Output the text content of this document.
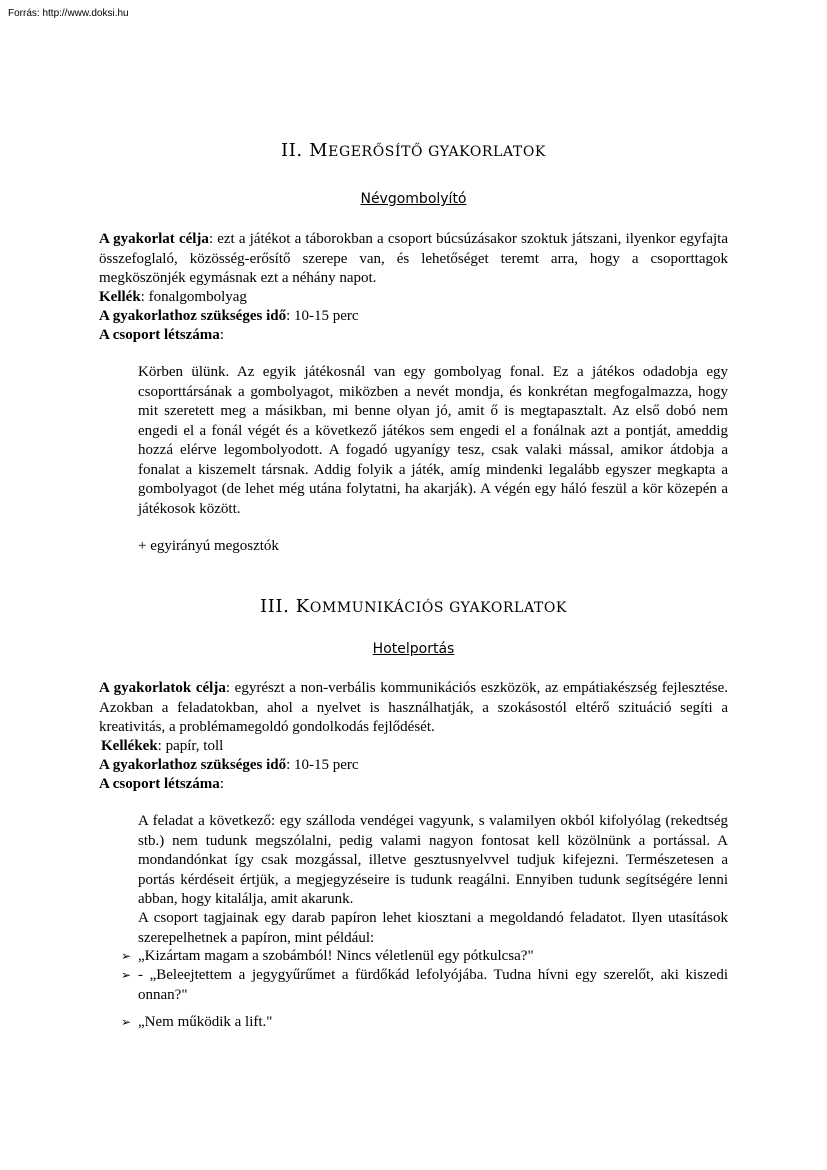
Forrás: http://www.doksi.hu
II. MEGERŐSÍTŐ GYAKORLATOK
Névgombolyító
A gyakorlat célja: ezt a játékot a táborokban a csoport búcsúzásakor szoktuk játszani, ilyenkor egyfajta összefoglaló, közösség-erősítő szerepe van, és lehetőséget teremt arra, hogy a csoporttagok megköszönjék egymásnak ezt a néhány napot.
Kellék: fonalgombolyag
A gyakorlathoz szükséges idő: 10-15 perc
A csoport létszáma:
Körben ülünk. Az egyik játékosnál van egy gombolyag fonal. Ez a játékos odadobja egy csoporttársának a gombolyagot, miközben a nevét mondja, és konkrétan megfogalmazza, hogy mit szeretett meg a másikban, mi benne olyan jó, amit ő is megtapasztalt. Az első dobó nem engedi el a fonál végét és a következő játékos sem engedi el a fonálnak azt a pontját, ameddig hozzá elérve legombolyodott. A fogadó ugyanígy tesz, csak valaki mással, amikor átdobja a fonalat a kiszemelt társnak. Addig folyik a játék, amíg mindenki legalább egyszer megkapta a gombolyagot (de lehet még utána folytatni, ha akarják). A végén egy háló feszül a kör közepén a játékosok között.
+ egyirányú megosztók
III. KOMMUNIKÁCIÓS GYAKORLATOK
Hotelportás
A gyakorlatok célja: egyrészt a non-verbális kommunikációs eszközök, az empátiakészség fejlesztése. Azokban a feladatokban, ahol a nyelvet is használhatják, a szokásostól eltérő szituáció segíti a kreativitás, a problémamegoldó gondolkodás fejlődését.
Kellékek: papír, toll
A gyakorlathoz szükséges idő: 10-15 perc
A csoport létszáma:
A feladat a következő: egy szálloda vendégei vagyunk, s valamilyen okból kifolyólag (rekedtség stb.) nem tudunk megszólalni, pedig valami nagyon fontosat kell közölnünk a portással. A mondandónkat így csak mozgással, illetve gesztusnyelvvel tudjuk kifejezni. Természetesen a portás kérdéseit értjük, a megjegyzéseire is tudunk reagálni. Ennyiben tudunk segítségére lenni abban, hogy kitalálja, amit akarunk.
A csoport tagjainak egy darab papíron lehet kiosztani a megoldandó feladatot. Ilyen utasítások szerepelhetnek a papíron, mint például:
➢ „Kizártam magam a szobámból! Nincs véletlenül egy pótkulcsa?"
➢ - „Beleejtettem a jegygyűrűmet a fürdőkád lefolyójába. Tudna hívni egy szerelőt, aki kiszedi onnan?"
➢ „Nem működik a lift."
